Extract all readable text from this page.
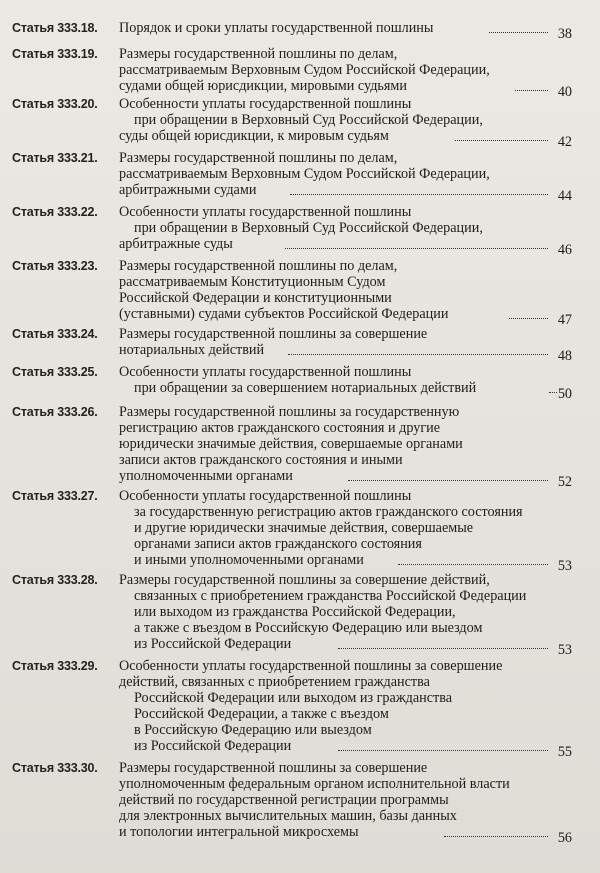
Статья 333.18. Порядок и сроки уплаты государственной пошлины	38
Статья 333.19. Размеры государственной пошлины по делам,
рассматриваемым Верховным Судом Российской Федерации,
судами общей юрисдикции, мировыми судьями	40
Статья 333.20. Особенности уплаты государственной пошлины
при обращении в Верховный Суд Российской Федерации,
суды общей юрисдикции, к мировым судьям	42
Статья 333.21. Размеры государственной пошлины по делам,
рассматриваемым Верховным Судом Российской Федерации,
арбитражными судами	44
Статья 333.22. Особенности уплаты государственной пошлины
при обращении в Верховный Суд Российской Федерации,
арбитражные суды	46
Статья 333.23. Размеры государственной пошлины по делам,
рассматриваемым Конституционным Судом
Российской Федерации и конституционными
(уставными) судами субъектов Российской Федерации	47
Статья 333.24. Размеры государственной пошлины за совершение
нотариальных действий	48
Статья 333.25. Особенности уплаты государственной пошлины
при обращении за совершением нотариальных действий	50
Статья 333.26. Размеры государственной пошлины за государственную
регистрацию актов гражданского состояния и другие
юридически значимые действия, совершаемые органами
записи актов гражданского состояния и иными
уполномоченными органами	52
Статья 333.27. Особенности уплаты государственной пошлины
за государственную регистрацию актов гражданского состояния
и другие юридически значимые действия, совершаемые
органами записи актов гражданского состояния
и иными уполномоченными органами	53
Статья 333.28. Размеры государственной пошлины за совершение действий,
связанных с приобретением гражданства Российской Федерации
или выходом из гражданства Российской Федерации,
а также с въездом в Российскую Федерацию или выездом
из Российской Федерации	53
Статья 333.29. Особенности уплаты государственной пошлины за совершение
действий, связанных с приобретением гражданства
Российской Федерации или выходом из гражданства
Российской Федерации, а также с въездом
в Российскую Федерацию или выездом
из Российской Федерации	55
Статья 333.30. Размеры государственной пошлины за совершение
уполномоченным федеральным органом исполнительной власти
действий по государственной регистрации программы
для электронных вычислительных машин, базы данных
и топологии интегральной микросхемы	56
